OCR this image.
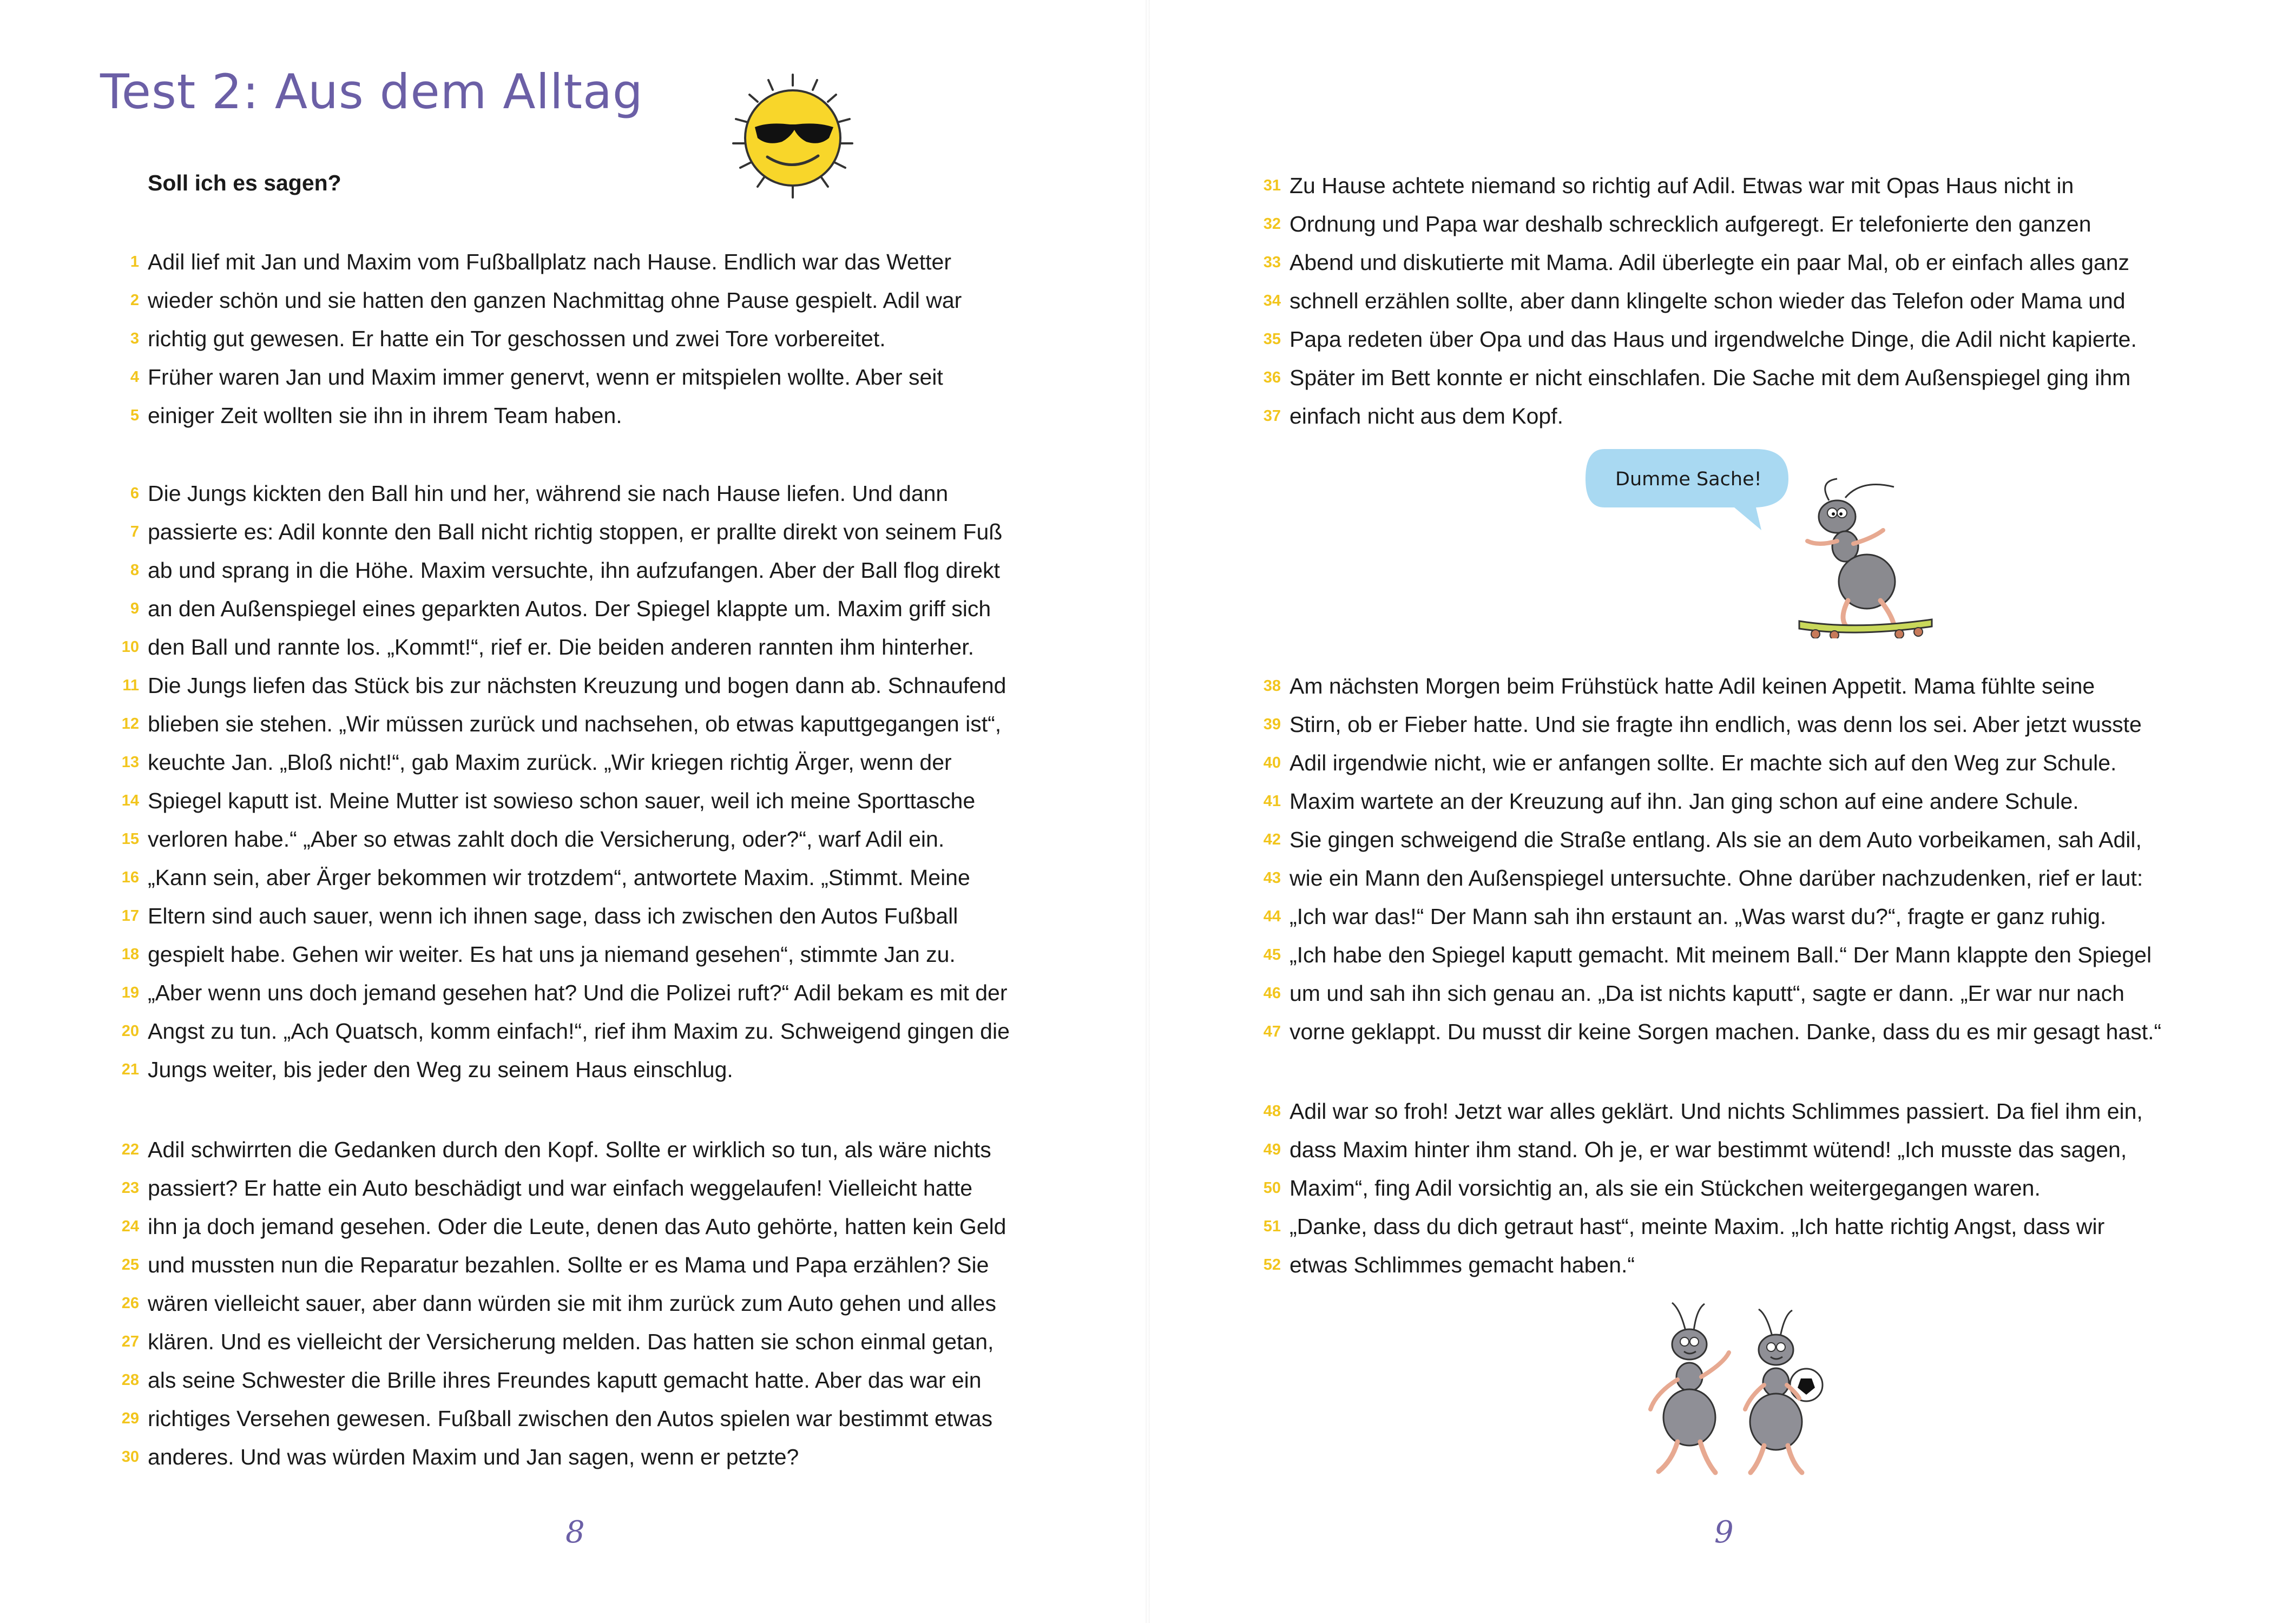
Test 2: Aus dem Alltag
Soll ich es sagen?
1 Adil lief mit Jan und Maxim vom Fußballplatz nach Hause. Endlich war das Wetter
2 wieder schön und sie hatten den ganzen Nachmittag ohne Pause gespielt. Adil war
3 richtig gut gewesen. Er hatte ein Tor geschossen und zwei Tore vorbereitet.
4 Früher waren Jan und Maxim immer genervt, wenn er mitspielen wollte. Aber seit
5 einiger Zeit wollten sie ihn in ihrem Team haben.
6 Die Jungs kickten den Ball hin und her, während sie nach Hause liefen. Und dann
7 passierte es: Adil konnte den Ball nicht richtig stoppen, er prallte direkt von seinem Fuß
8 ab und sprang in die Höhe. Maxim versuchte, ihn aufzufangen. Aber der Ball flog direkt
9 an den Außenspiegel eines geparkten Autos. Der Spiegel klappte um. Maxim griff sich
10 den Ball und rannte los. „Kommt!“, rief er. Die beiden anderen rannten ihm hinterher.
11 Die Jungs liefen das Stück bis zur nächsten Kreuzung und bogen dann ab. Schnaufend
12 blieben sie stehen. „Wir müssen zurück und nachsehen, ob etwas kaputtgegangen ist“,
13 keuchte Jan. „Bloß nicht!“, gab Maxim zurück. „Wir kriegen richtig Ärger, wenn der
14 Spiegel kaputt ist. Meine Mutter ist sowieso schon sauer, weil ich meine Sporttasche
15 verloren habe.“ „Aber so etwas zahlt doch die Versicherung, oder?“, warf Adil ein.
16 „Kann sein, aber Ärger bekommen wir trotzdem“, antwortete Maxim. „Stimmt. Meine
17 Eltern sind auch sauer, wenn ich ihnen sage, dass ich zwischen den Autos Fußball
18 gespielt habe. Gehen wir weiter. Es hat uns ja niemand gesehen“, stimmte Jan zu.
19 „Aber wenn uns doch jemand gesehen hat? Und die Polizei ruft?“ Adil bekam es mit der
20 Angst zu tun. „Ach Quatsch, komm einfach!“, rief ihm Maxim zu. Schweigend gingen die
21 Jungs weiter, bis jeder den Weg zu seinem Haus einschlug.
22 Adil schwirrten die Gedanken durch den Kopf. Sollte er wirklich so tun, als wäre nichts
23 passiert? Er hatte ein Auto beschädigt und war einfach weggelaufen! Vielleicht hatte
24 ihn ja doch jemand gesehen. Oder die Leute, denen das Auto gehörte, hatten kein Geld
25 und mussten nun die Reparatur bezahlen. Sollte er es Mama und Papa erzählen? Sie
26 wären vielleicht sauer, aber dann würden sie mit ihm zurück zum Auto gehen und alles
27 klären. Und es vielleicht der Versicherung melden. Das hatten sie schon einmal getan,
28 als seine Schwester die Brille ihres Freundes kaputt gemacht hatte. Aber das war ein
29 richtiges Versehen gewesen. Fußball zwischen den Autos spielen war bestimmt etwas
30 anderes. Und was würden Maxim und Jan sagen, wenn er petzte?
31 Zu Hause achtete niemand so richtig auf Adil. Etwas war mit Opas Haus nicht in
32 Ordnung und Papa war deshalb schrecklich aufgeregt. Er telefonierte den ganzen
33 Abend und diskutierte mit Mama. Adil überlegte ein paar Mal, ob er einfach alles ganz
34 schnell erzählen sollte, aber dann klingelte schon wieder das Telefon oder Mama und
35 Papa redeten über Opa und das Haus und irgendwelche Dinge, die Adil nicht kapierte.
36 Später im Bett konnte er nicht einschlafen. Die Sache mit dem Außenspiegel ging ihm
37 einfach nicht aus dem Kopf.
38 Am nächsten Morgen beim Frühstück hatte Adil keinen Appetit. Mama fühlte seine
39 Stirn, ob er Fieber hatte. Und sie fragte ihn endlich, was denn los sei. Aber jetzt wusste
40 Adil irgendwie nicht, wie er anfangen sollte. Er machte sich auf den Weg zur Schule.
41 Maxim wartete an der Kreuzung auf ihn. Jan ging schon auf eine andere Schule.
42 Sie gingen schweigend die Straße entlang. Als sie an dem Auto vorbeikamen, sah Adil,
43 wie ein Mann den Außenspiegel untersuchte. Ohne darüber nachzudenken, rief er laut:
44 „Ich war das!“ Der Mann sah ihn erstaunt an. „Was warst du?“, fragte er ganz ruhig.
45 „Ich habe den Spiegel kaputt gemacht. Mit meinem Ball.“ Der Mann klappte den Spiegel
46 um und sah ihn sich genau an. „Da ist nichts kaputt“, sagte er dann. „Er war nur nach
47 vorne geklappt. Du musst dir keine Sorgen machen. Danke, dass du es mir gesagt hast.“
48 Adil war so froh! Jetzt war alles geklärt. Und nichts Schlimmes passiert. Da fiel ihm ein,
49 dass Maxim hinter ihm stand. Oh je, er war bestimmt wütend! „Ich musste das sagen,
50 Maxim“, fing Adil vorsichtig an, als sie ein Stückchen weitergegangen waren.
51 „Danke, dass du dich getraut hast“, meinte Maxim. „Ich hatte richtig Angst, dass wir
52 etwas Schlimmes gemacht haben.“
Dumme Sache!
8	9
